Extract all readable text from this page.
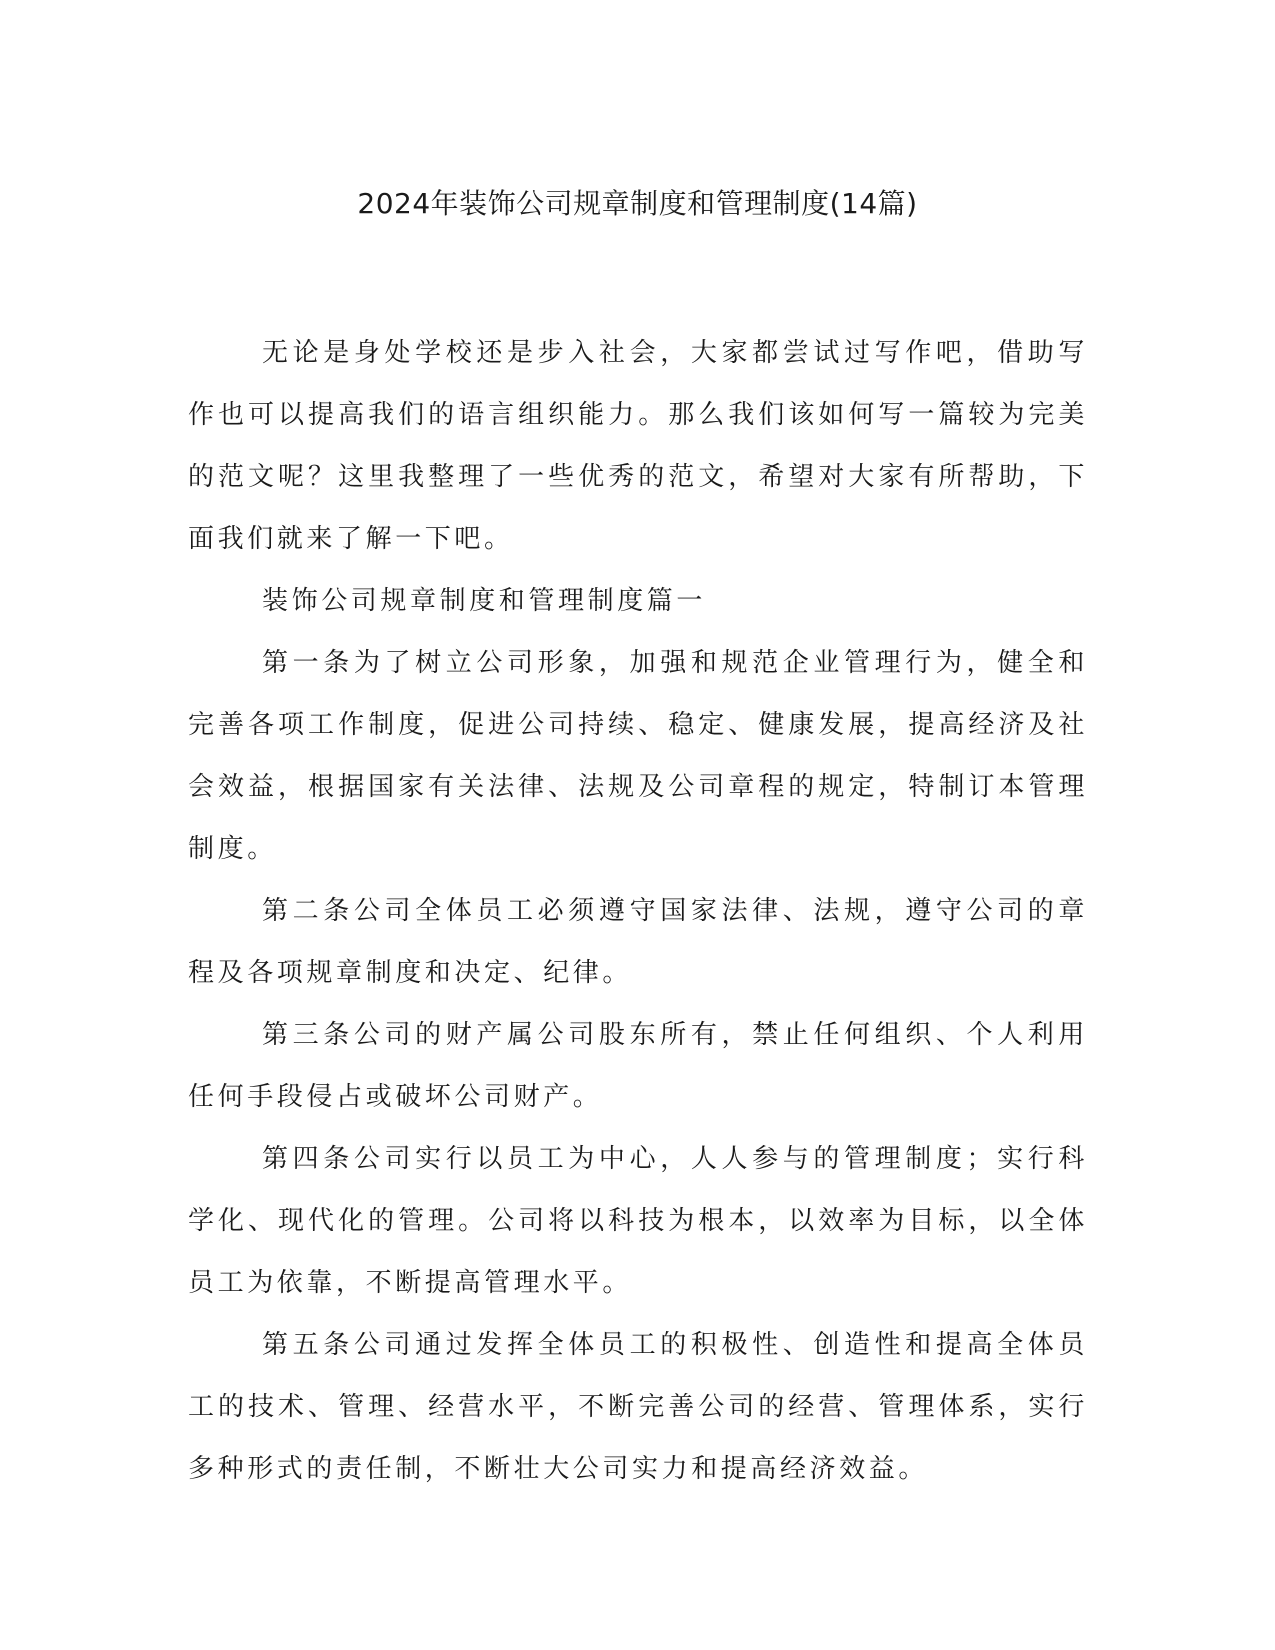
2024年装饰公司规章制度和管理制度(14篇)

无论是身处学校还是步入社会，大家都尝试过写作吧，借助写作也可以提高我们的语言组织能力。那么我们该如何写一篇较为完美的范文呢？这里我整理了一些优秀的范文，希望对大家有所帮助，下面我们就来了解一下吧。

装饰公司规章制度和管理制度篇一

第一条为了树立公司形象，加强和规范企业管理行为，健全和完善各项工作制度，促进公司持续、稳定、健康发展，提高经济及社会效益，根据国家有关法律、法规及公司章程的规定，特制订本管理制度。

第二条公司全体员工必须遵守国家法律、法规，遵守公司的章程及各项规章制度和决定、纪律。

第三条公司的财产属公司股东所有，禁止任何组织、个人利用任何手段侵占或破坏公司财产。

第四条公司实行以员工为中心，人人参与的管理制度；实行科学化、现代化的管理。公司将以科技为根本，以效率为目标，以全体员工为依靠，不断提高管理水平。

第五条公司通过发挥全体员工的积极性、创造性和提高全体员工的技术、管理、经营水平，不断完善公司的经营、管理体系，实行多种形式的责任制，不断壮大公司实力和提高经济效益。
